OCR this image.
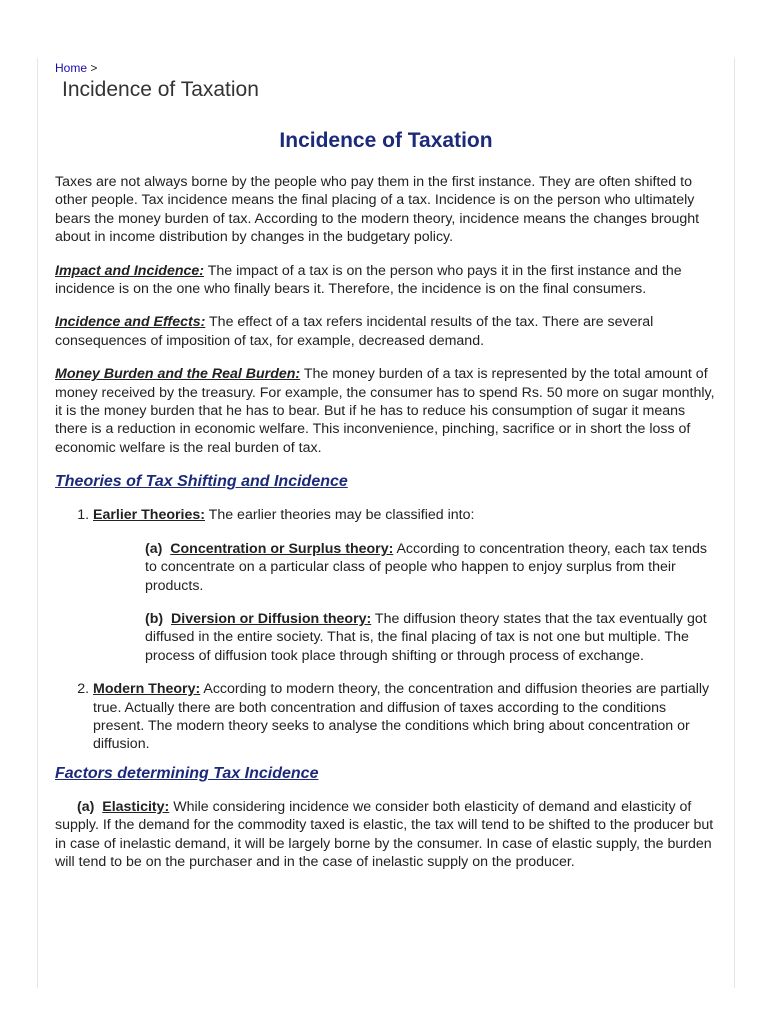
Home >
Incidence of Taxation
Incidence of Taxation

Taxes are not always borne by the people who pay them in the first instance. They are often shifted to other people. Tax incidence means the final placing of a tax. Incidence is on the person who ultimately bears the money burden of tax. According to the modern theory, incidence means the changes brought about in income distribution by changes in the budgetary policy.

Impact and Incidence: The impact of a tax is on the person who pays it in the first instance and the incidence is on the one who finally bears it. Therefore, the incidence is on the final consumers.

Incidence and Effects: The effect of a tax refers incidental results of the tax. There are several consequences of imposition of tax, for example, decreased demand.

Money Burden and the Real Burden: The money burden of a tax is represented by the total amount of money received by the treasury. For example, the consumer has to spend Rs. 50 more on sugar monthly, it is the money burden that he has to bear. But if he has to reduce his consumption of sugar it means there is a reduction in economic welfare. This inconvenience, pinching, sacrifice or in short the loss of economic welfare is the real burden of tax.

Theories of Tax Shifting and Incidence
1. Earlier Theories: The earlier theories may be classified into:
(a) Concentration or Surplus theory: According to concentration theory, each tax tends to concentrate on a particular class of people who happen to enjoy surplus from their products.
(b) Diversion or Diffusion theory: The diffusion theory states that the tax eventually got diffused in the entire society. That is, the final placing of tax is not one but multiple. The process of diffusion took place through shifting or through process of exchange.
2. Modern Theory: According to modern theory, the concentration and diffusion theories are partially true. Actually there are both concentration and diffusion of taxes according to the conditions present. The modern theory seeks to analyse the conditions which bring about concentration or diffusion.
Factors determining Tax Incidence

(a) Elasticity: While considering incidence we consider both elasticity of demand and elasticity of supply. If the demand for the commodity taxed is elastic, the tax will tend to be shifted to the producer but in case of inelastic demand, it will be largely borne by the consumer. In case of elastic supply, the burden will tend to be on the purchaser and in the case of inelastic supply on the producer.
